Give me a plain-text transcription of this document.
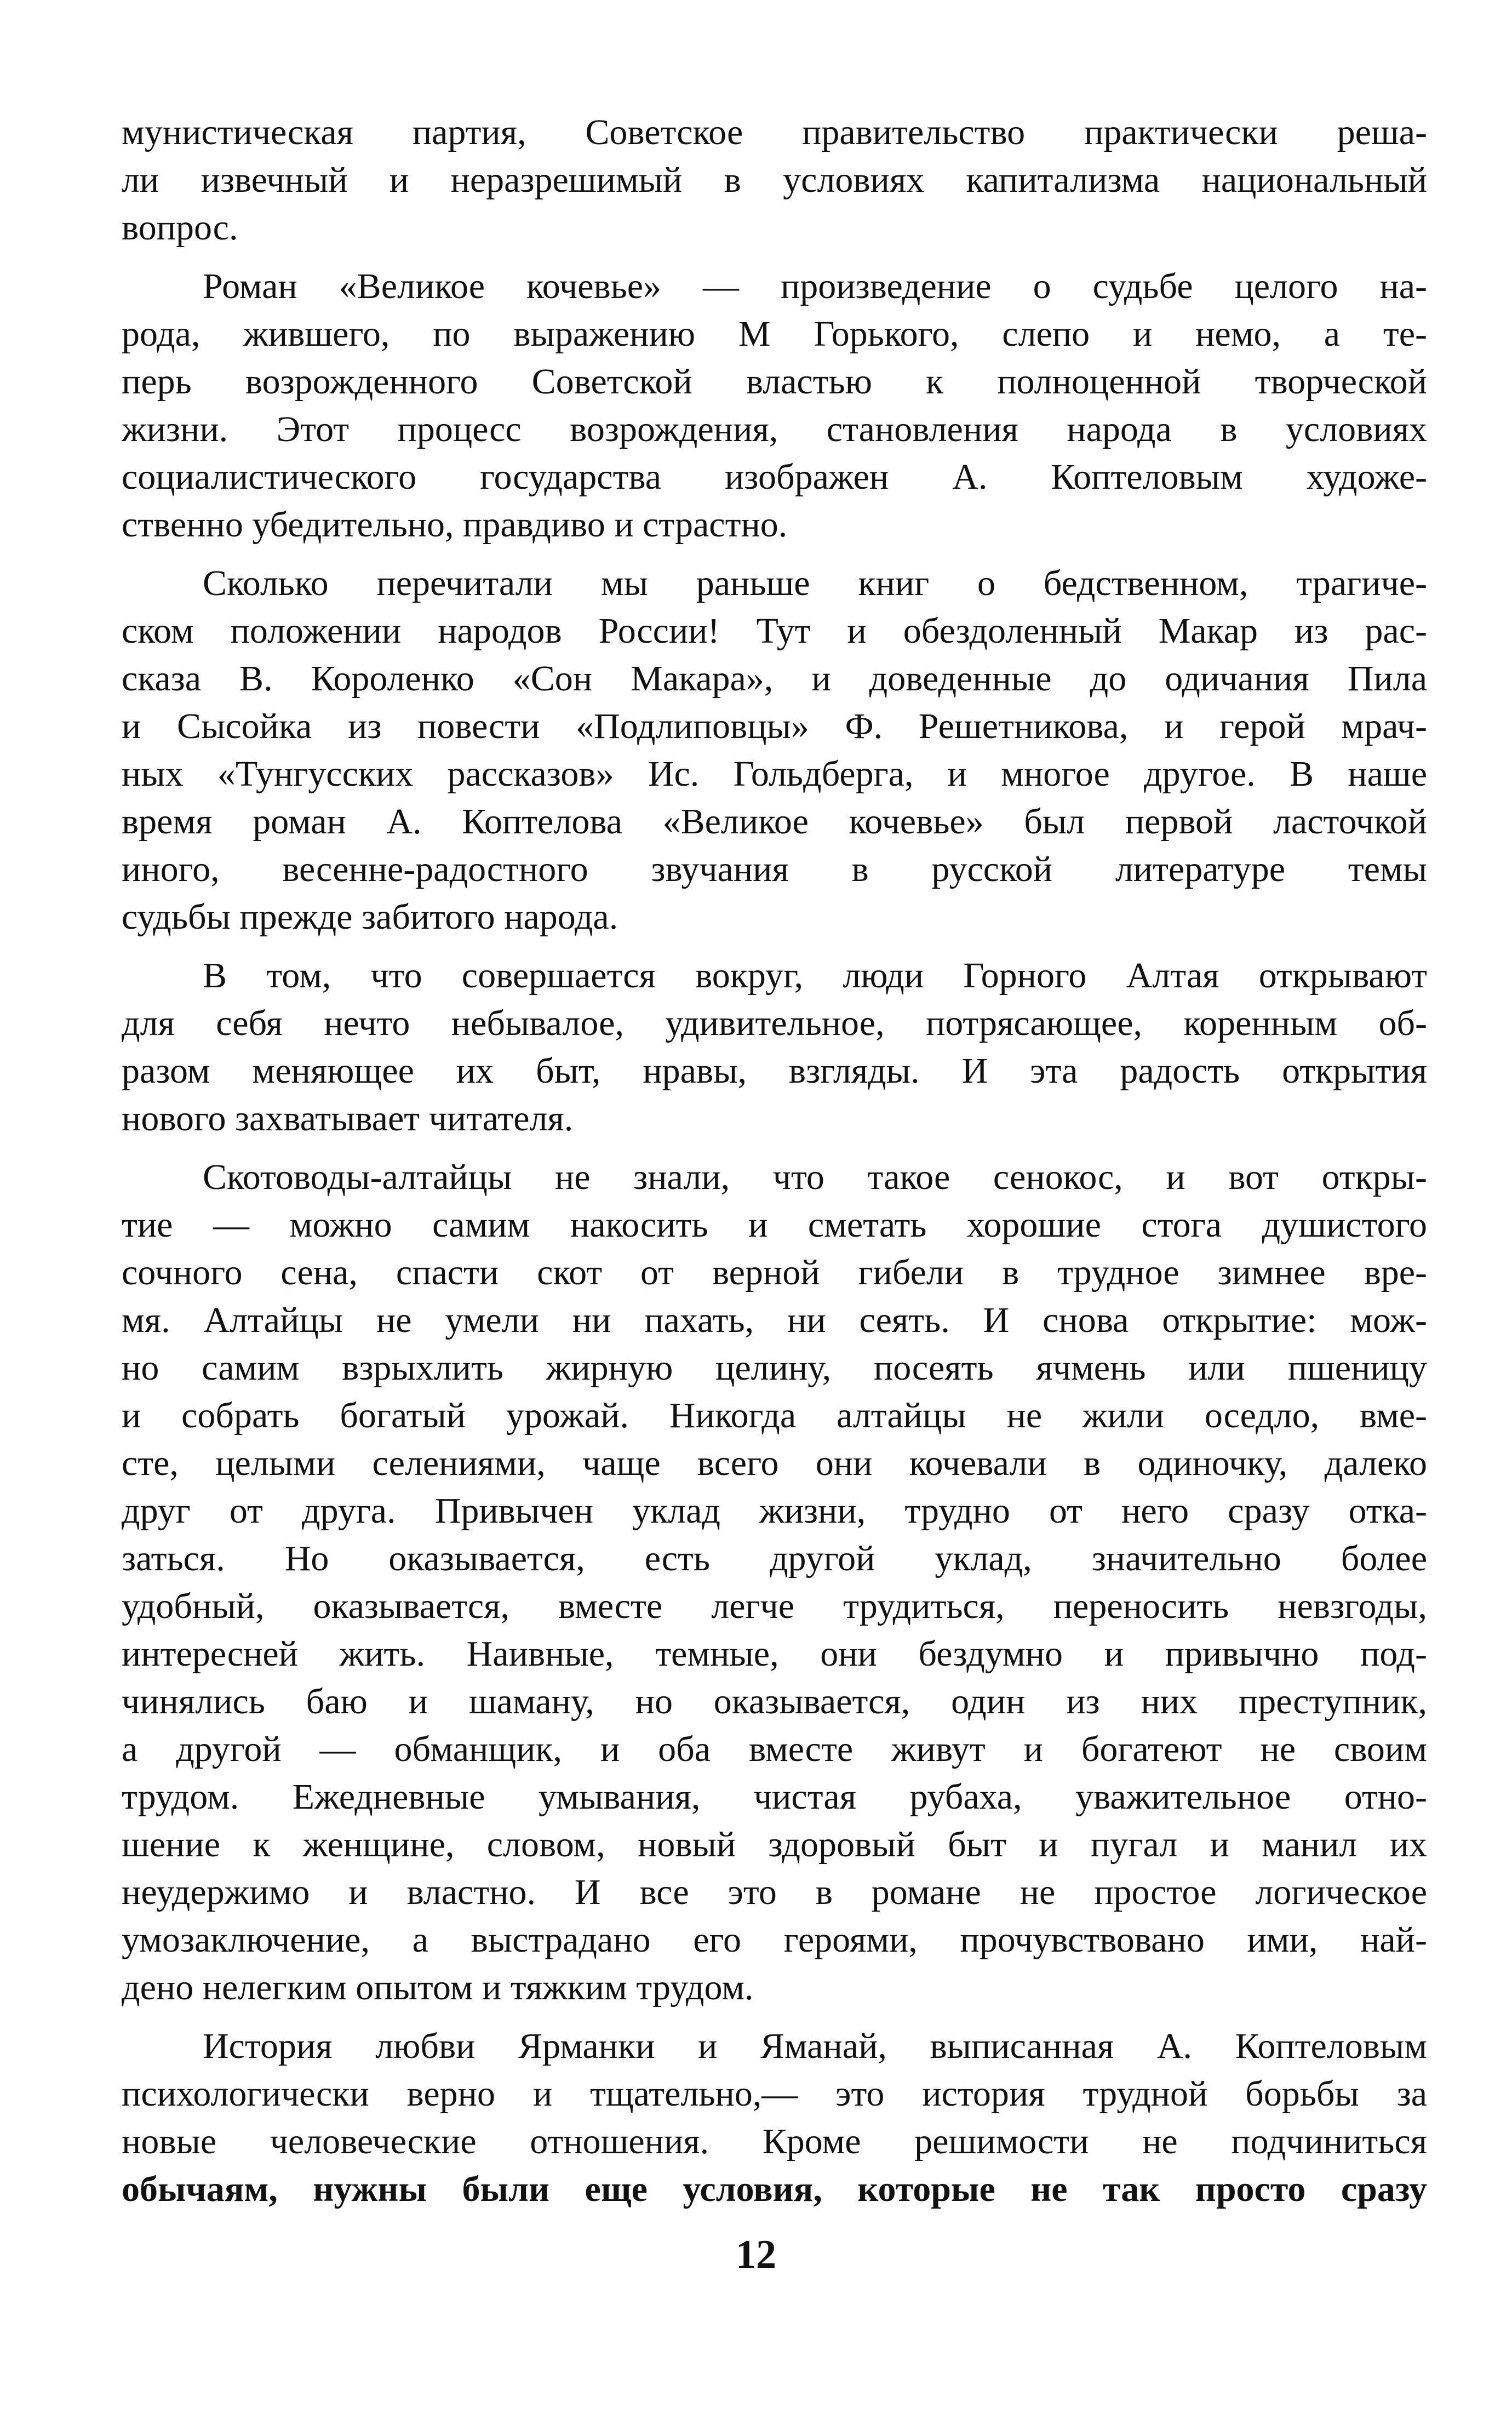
мунистическая партия, Советское правительство практически реша-
ли извечный и неразрешимый в условиях капитализма национальный
вопрос.
Роман «Великое кочевье» — произведение о судьбе целого на-
рода, жившего, по выражению М Горького, слепо и немо, а те-
перь возрожденного Советской властью к полноценной творческой
жизни. Этот процесс возрождения, становления народа в условиях
социалистического государства изображен А. Коптеловым художе-
ственно убедительно, правдиво и страстно.
Сколько перечитали мы раньше книг о бедственном, трагиче-
ском положении народов России! Тут и обездоленный Макар из рас-
сказа В. Короленко «Сон Макара», и доведенные до одичания Пила
и Сысойка из повести «Подлиповцы» Ф. Решетникова, и герой мрач-
ных «Тунгусских рассказов» Ис. Гольдберга, и многое другое. В наше
время роман А. Коптелова «Великое кочевье» был первой ласточкой
иного, весенне-радостного звучания в русской литературе темы
судьбы прежде забитого народа.
В том, что совершается вокруг, люди Горного Алтая открывают
для себя нечто небывалое, удивительное, потрясающее, коренным об-
разом меняющее их быт, нравы, взгляды. И эта радость открытия
нового захватывает читателя.
Скотоводы-алтайцы не знали, что такое сенокос, и вот откры-
тие — можно самим накосить и сметать хорошие стога душистого
сочного сена, спасти скот от верной гибели в трудное зимнее вре-
мя. Алтайцы не умели ни пахать, ни сеять. И снова открытие: мож-
но самим взрыхлить жирную целину, посеять ячмень или пшеницу
и собрать богатый урожай. Никогда алтайцы не жили оседло, вме-
сте, целыми селениями, чаще всего они кочевали в одиночку, далеко
друг от друга. Привычен уклад жизни, трудно от него сразу отка-
заться. Но оказывается, есть другой уклад, значительно более
удобный, оказывается, вместе легче трудиться, переносить невзгоды,
интереснeй жить. Наивные, темные, они бездумно и привычно под-
чинялись баю и шаману, но оказывается, один из них преступник,
а другой — обманщик, и оба вместе живут и богатеют не своим
трудом. Ежедневные умывания, чистая рубаха, уважительное отно-
шение к женщине, словом, новый здоровый быт и пугал и манил их
неудержимо и властно. И все это в романе не простое логическое
умозаключение, а выстрадано его героями, прочувствовано ими, най-
дено нелегким опытом и тяжким трудом.
История любви Ярманки и Яманай, выписанная А. Коптеловым
психологически верно и тщательно,— это история трудной борьбы за
новые человеческие отношения. Кроме решимости не подчиниться
обычаям, нужны были еще условия, которые не так просто сразу
12
